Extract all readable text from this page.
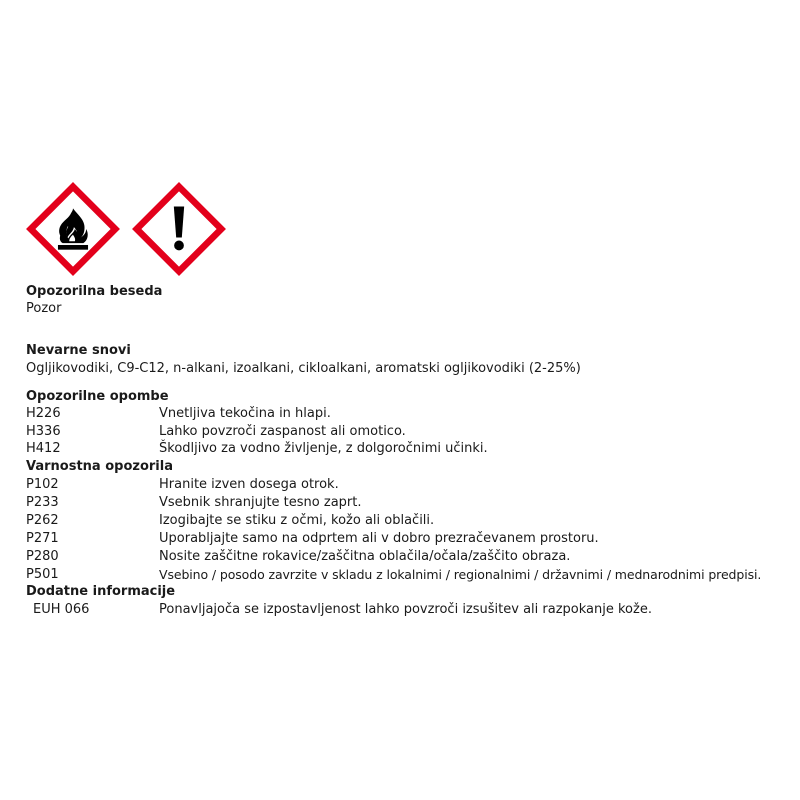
Opozorilna beseda
Pozor
Nevarne snovi
Ogljikovodiki, C9-C12, n-alkani, izoalkani, cikloalkani, aromatski ogljikovodiki (2-25%)
Opozorilne opombe
H226	Vnetljiva tekočina in hlapi.
H336	Lahko povzroči zaspanost ali omotico.
H412	Škodljivo za vodno življenje, z dolgoročnimi učinki.
Varnostna opozorila
P102	Hranite izven dosega otrok.
P233	Vsebnik shranjujte tesno zaprt.
P262	Izogibajte se stiku z očmi, kožo ali oblačili.
P271	Uporabljajte samo na odprtem ali v dobro prezračevanem prostoru.
P280	Nosite zaščitne rokavice/zaščitna oblačila/očala/zaščito obraza.
P501	Vsebino / posodo zavrzite v skladu z lokalnimi / regionalnimi / državnimi / mednarodnimi predpisi.
Dodatne informacije
EUH 066	Ponavljajoča se izpostavljenost lahko povzroči izsušitev ali razpokanje kože.
